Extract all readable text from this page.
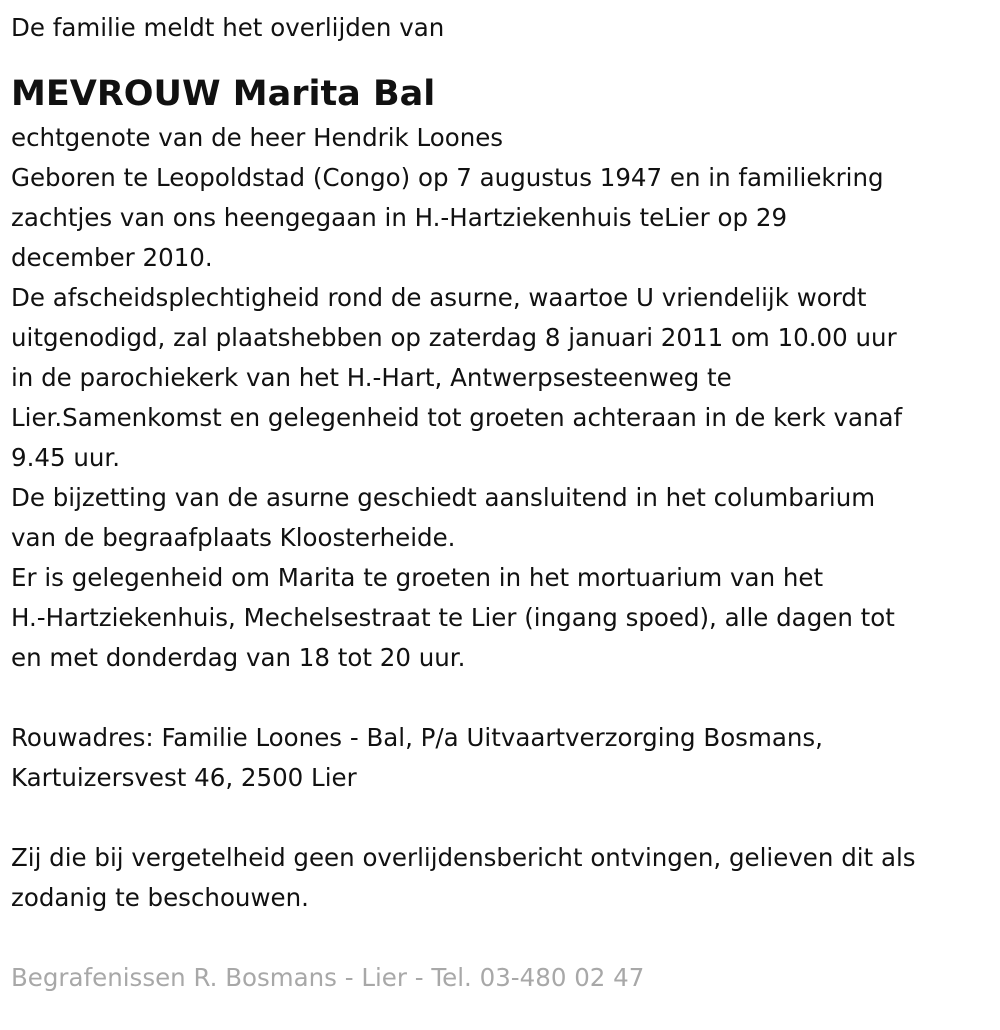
De familie meldt het overlijden van

MEVROUW Marita Bal

echtgenote van de heer Hendrik Loones

Geboren te Leopoldstad (Congo) op 7 augustus 1947 en in familiekring

zachtjes van ons heengegaan in H.-Hartziekenhuis teLier op 29

december 2010.

De afscheidsplechtigheid rond de asurne, waartoe U vriendelijk wordt

uitgenodigd, zal plaatshebben op zaterdag 8 januari 2011 om 10.00 uur

in de parochiekerk van het H.-Hart, Antwerpsesteenweg te

Lier.Samenkomst en gelegenheid tot groeten achteraan in de kerk vanaf

9.45 uur.

De bijzetting van de asurne geschiedt aansluitend in het columbarium

van de begraafplaats Kloosterheide.

Er is gelegenheid om Marita te groeten in het mortuarium van het

H.-Hartziekenhuis, Mechelsestraat te Lier (ingang spoed), alle dagen tot

en met donderdag van 18 tot 20 uur.

Rouwadres: Familie Loones - Bal, P/a Uitvaartverzorging Bosmans,

Kartuizersvest 46, 2500 Lier

Zij die bij vergetelheid geen overlijdensbericht ontvingen, gelieven dit als

zodanig te beschouwen.

Begrafenissen R. Bosmans - Lier - Tel. 03-480 02 47
